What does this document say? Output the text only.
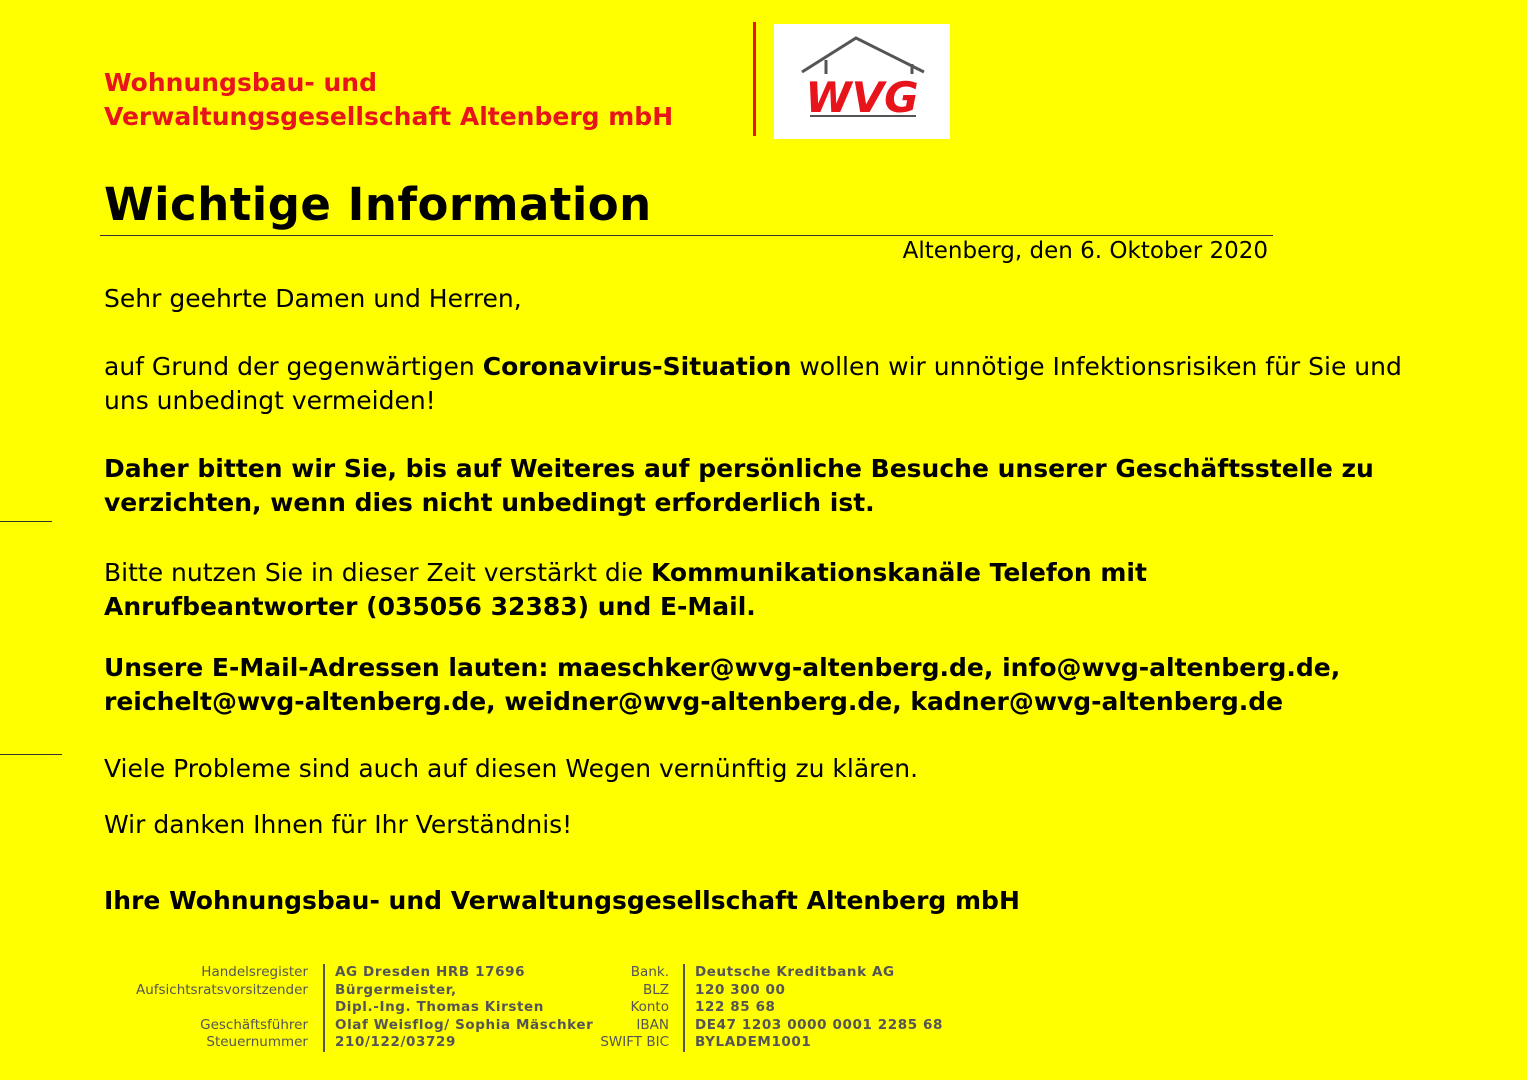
Wohnungsbau- und
Verwaltungsgesellschaft Altenberg mbH	WVG
Wichtige Information
Altenberg, den 6. Oktober 2020
Sehr geehrte Damen und Herren,
auf Grund der gegenwärtigen Coronavirus-Situation wollen wir unnötige Infektionsrisiken für Sie und uns unbedingt vermeiden!
Daher bitten wir Sie, bis auf Weiteres auf persönliche Besuche unserer Geschäftsstelle zu verzichten, wenn dies nicht unbedingt erforderlich ist.
Bitte nutzen Sie in dieser Zeit verstärkt die Kommunikationskanäle Telefon mit Anrufbeantworter (035056 32383) und E-Mail.
Unsere E-Mail-Adressen lauten: maeschker@wvg-altenberg.de, info@wvg-altenberg.de, reichelt@wvg-altenberg.de, weidner@wvg-altenberg.de, kadner@wvg-altenberg.de
Viele Probleme sind auch auf diesen Wegen vernünftig zu klären.
Wir danken Ihnen für Ihr Verständnis!
Ihre Wohnungsbau- und Verwaltungsgesellschaft Altenberg mbH
Handelsregister
Aufsichtsratsvorsitzender
Geschäftsführer
Steuernummer
AG Dresden HRB 17696
Bürgermeister,
Dipl.-Ing. Thomas Kirsten
Olaf Weisflog/ Sophia Mäschker
210/122/03729
Bank.
BLZ
Konto
IBAN
SWIFT BIC
Deutsche Kreditbank AG
120 300 00
122 85 68
DE47 1203 0000 0001 2285 68
BYLADEM1001
